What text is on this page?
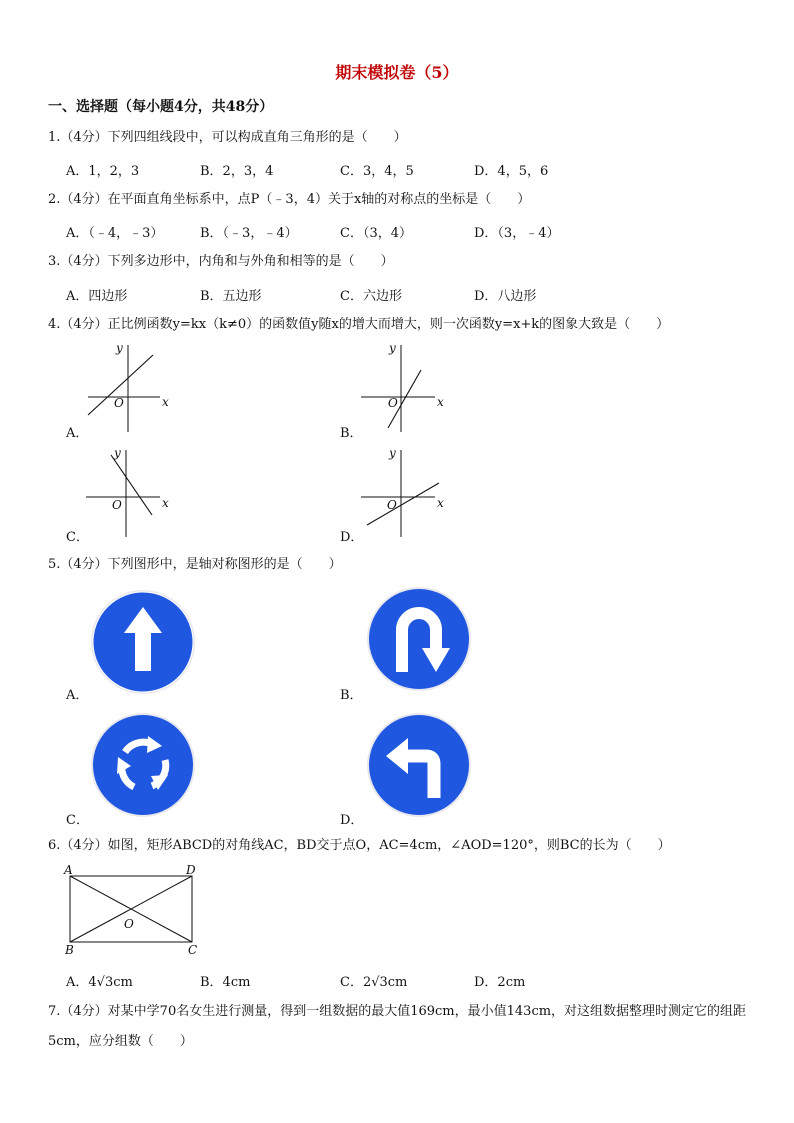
期末模拟卷（5）
一、选择题（每小题4分，共48分）
1.（4分）下列四组线段中，可以构成直角三角形的是（　　）
A．1，2，3	B．2，3，4	C．3，4，5	D．4，5，6
2.（4分）在平面直角坐标系中，点P（﹣3，4）关于x轴的对称点的坐标是（　　）
A．（﹣4，﹣3）	B．（﹣3，﹣4）	C．（3，4）	D．（3，﹣4）
3.（4分）下列多边形中，内角和与外角和相等的是（　　）
A．四边形	B．五边形	C．六边形	D．八边形
4.（4分）正比例函数y=kx（k≠0）的函数值y随x的增大而增大，则一次函数y=x+k的图象大致是（　　）
y
x
O
A．
y
x
O
B．
y
x
O
C．
y
x
O
D．
5.（4分）下列图形中，是轴对称图形的是（　　）
A．	B．
C．	D．
6.（4分）如图，矩形ABCD的对角线AC，BD交于点O，AC=4cm，∠AOD=120°，则BC的长为（　　）
A	D
B	C
O
A．4√3cm	B．4cm	C．2√3cm	D．2cm
7.（4分）对某中学70名女生进行测量，得到一组数据的最大值169cm，最小值143cm，对这组数据整理时测定它的组距5cm，应分组数（　　）
